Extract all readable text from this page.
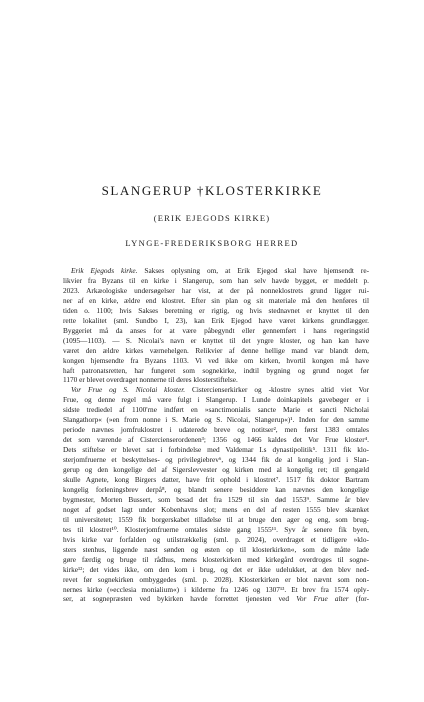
SLANGERUP †KLOSTERKIRKE
(ERIK EJEGODS KIRKE)
LYNGE-FREDERIKSBORG HERRED
Erik Ejegods kirke. Sakses oplysning om, at Erik Ejegod skal have hjemsendt re-
likvier fra Byzans til en kirke i Slangerup, som han selv havde bygget, er meddelt p.
2023. Arkæologiske undersøgelser har vist, at der på nonneklostrets grund ligger rui-
ner af en kirke, ældre end klostret. Efter sin plan og sit materiale må den henføres til
tiden o. 1100; hvis Sakses beretning er rigtig, og hvis stednavnet er knyttet til den
rette lokalitet (sml. Sundbo I, 23), kan Erik Ejegod have været kirkens grundlægger.
Byggeriet må da anses for at være påbegyndt eller gennemført i hans regeringstid
(1095—1103). — S. Nicolai's navn er knyttet til det yngre kloster, og han kan have
været den ældre kirkes værnehelgen. Relikvier af denne hellige mand var blandt dem,
kongen hjemsendte fra Byzans 1103. Vi ved ikke om kirken, hvortil kongen må have
haft patronatsretten, har fungeret som sognekirke, indtil bygning og grund noget før
1170 er blevet overdraget nonnerne til deres klosterstiftelse.
Vor Frue og S. Nicolai kloster. Cistercienserkirker og -klostre synes altid viet Vor
Frue, og denne regel må være fulgt i Slangerup. I Lunde doinkapitels gavebøger er i
sidste trediedel af 1100'rne indført en »sanctimonialis sancte Marie et sancti Nicholai
Slangathorp« (»en from nonne i S. Marie og S. Nicolai, Slangerup«)¹. Inden for den samme
periode nævnes jomfruklostret i udaterede breve og notitser², men først 1383 omtales
det som værende af Cistercienserordenen³; 1356 og 1466 kaldes det Vor Frue kloster⁴.
Dets stiftelse er blevet sat i forbindelse med Valdemar I.s dynastipolitik⁵. 1311 fik klo-
sterjomfruerne et beskyttelses- og privilegiebrev⁶, og 1344 fik de al kongelig jord i Slan-
gerup og den kongelige del af Sigerslevvester og kirken med al kongelig ret; til gengæld
skulle Agnete, kong Birgers datter, have frit ophold i klostret⁷. 1517 fik doktor Bartram
kongelig forleningsbrev derpå⁸, og blandt senere besiddere kan nævnes den kongelige
bygmester, Morten Bussert, som besad det fra 1529 til sin død 1553⁹. Samme år blev
noget af godset lagt under Kobenhavns slot; mens en del af resten 1555 blev skænket
til universitetet; 1559 fik borgerskabet tilladelse til at bruge den ager og eng, som brug-
tes til klostret¹⁰. Klosterjomfruerne omtales sidste gang 1555¹¹. Syv år senere fik byen,
hvis kirke var forfalden og utilstrækkelig (sml. p. 2024), overdraget et tidligere »klo-
sters stenhus, liggende næst sønden og østen op til klosterkirken«, som de måtte lade
gøre færdig og bruge til rådhus, mens klosterkirken med kirkegård overdroges til sogne-
kirke¹²; det vides ikke, om den kom i brug, og det er ikke udelukket, at den blev ned-
revet før sognekirken ombyggedes (sml. p. 2028). Klosterkirken er blot nævnt som non-
nernes kirke (»ecclesia monialium«) i kilderne fra 1246 og 1307¹³. Et brev fra 1574 oply-
ser, at sognepræsten ved bykirken havde forrettet tjenesten ved Vor Frue alter (for-
